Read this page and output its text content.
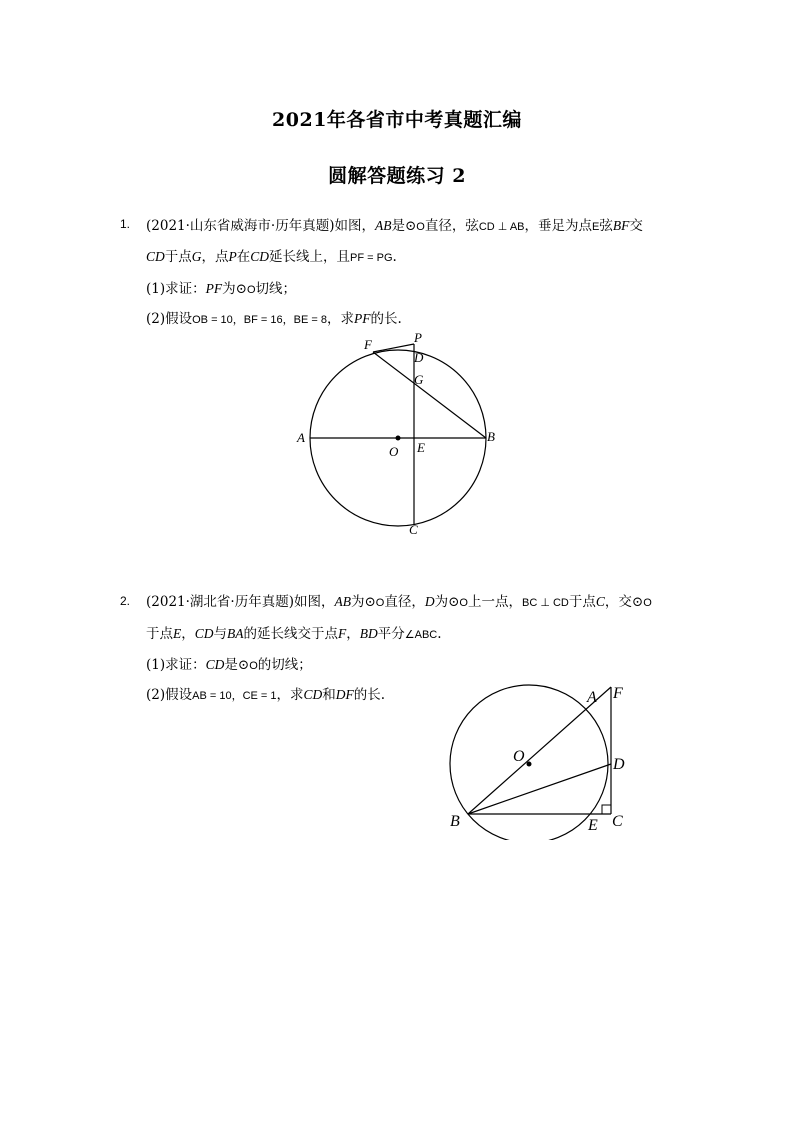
2021年各省市中考真题汇编
圆解答题练习 2
1. (2021·山东省威海市·历年真题)如图，AB是⊙O直径，弦CD ⊥ AB，垂足为点E弦BF交
CD于点G，点P在CD延长线上，且PF = PG.
(1)求证：PF为⊙O切线；
(2)假设OB = 10，BF = 16，BE = 8，求PF的长.
P
F
D
G
A	B
O E
C
2. (2021·湖北省·历年真题)如图，AB为⊙O直径，D为⊙O上一点，BC ⊥ CD于点C，交⊙O
于点E，CD与BA的延长线交于点F，BD平分∠ABC.
(1)求证：CD是⊙O的切线；
(2)假设AB = 10，CE = 1，求CD和DF的长.	A F
O	D
B	E C
